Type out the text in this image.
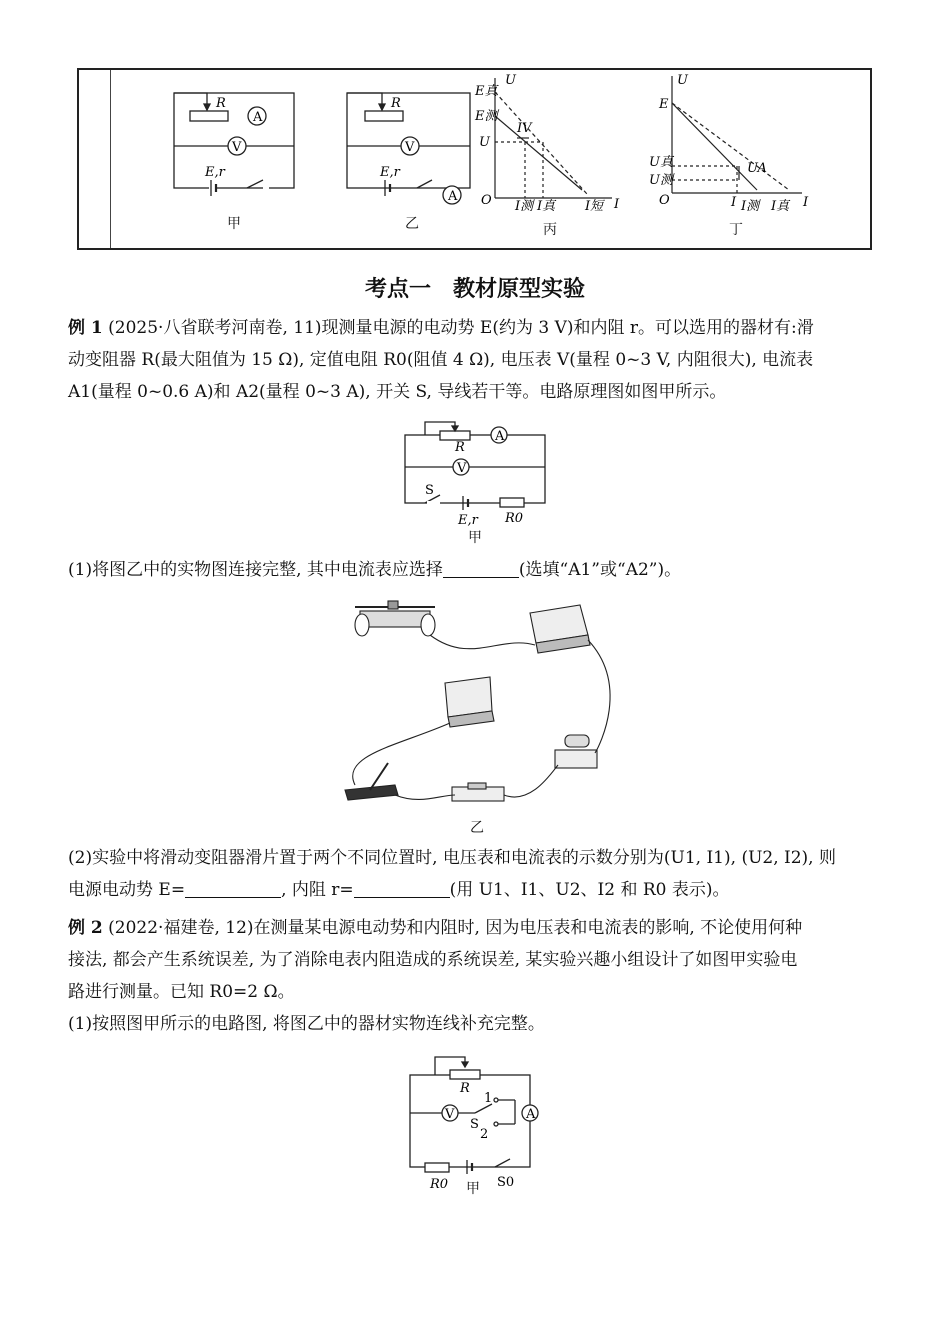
R
A
V
E,r
甲
R
V
A
E,r
乙
U
E真
E测
U
IV
O I测 I真 I短 I
丙
U
E
U真
U测
UA
O	I I测 I真 I
丁
考点一　教材原型实验
例 1 (2025·八省联考河南卷, 11)现测量电源的电动势 E(约为 3 V)和内阻 r。可以选用的器材有:滑
动变阻器 R(最大阻值为 15 Ω), 定值电阻 R0(阻值 4 Ω), 电压表 V(量程 0~3 V, 内阻很大), 电流表
A1(量程 0~0.6 A)和 A2(量程 0~3 A), 开关 S, 导线若干等。电路原理图如图甲所示。
R
A
V
S
E,r R0
甲
(1)将图乙中的实物图连接完整, 其中电流表应选择	(选填“A1”或“A2”)。
乙
(2)实验中将滑动变阻器滑片置于两个不同位置时, 电压表和电流表的示数分别为(U1, I1), (U2, I2), 则
电源电动势 E=	, 内阻 r=	(用 U1、I1、U2、I2 和 R0 表示)。
例 2 (2022·福建卷, 12)在测量某电源电动势和内阻时, 因为电压表和电流表的影响, 不论使用何种
接法, 都会产生系统误差, 为了消除电表内阻造成的系统误差, 某实验兴趣小组设计了如图甲实验电
路进行测量。已知 R0=2 Ω。
(1)按照图甲所示的电路图, 将图乙中的器材实物连线补充完整。
R
V	A
1
2
S
R0	S0
甲
